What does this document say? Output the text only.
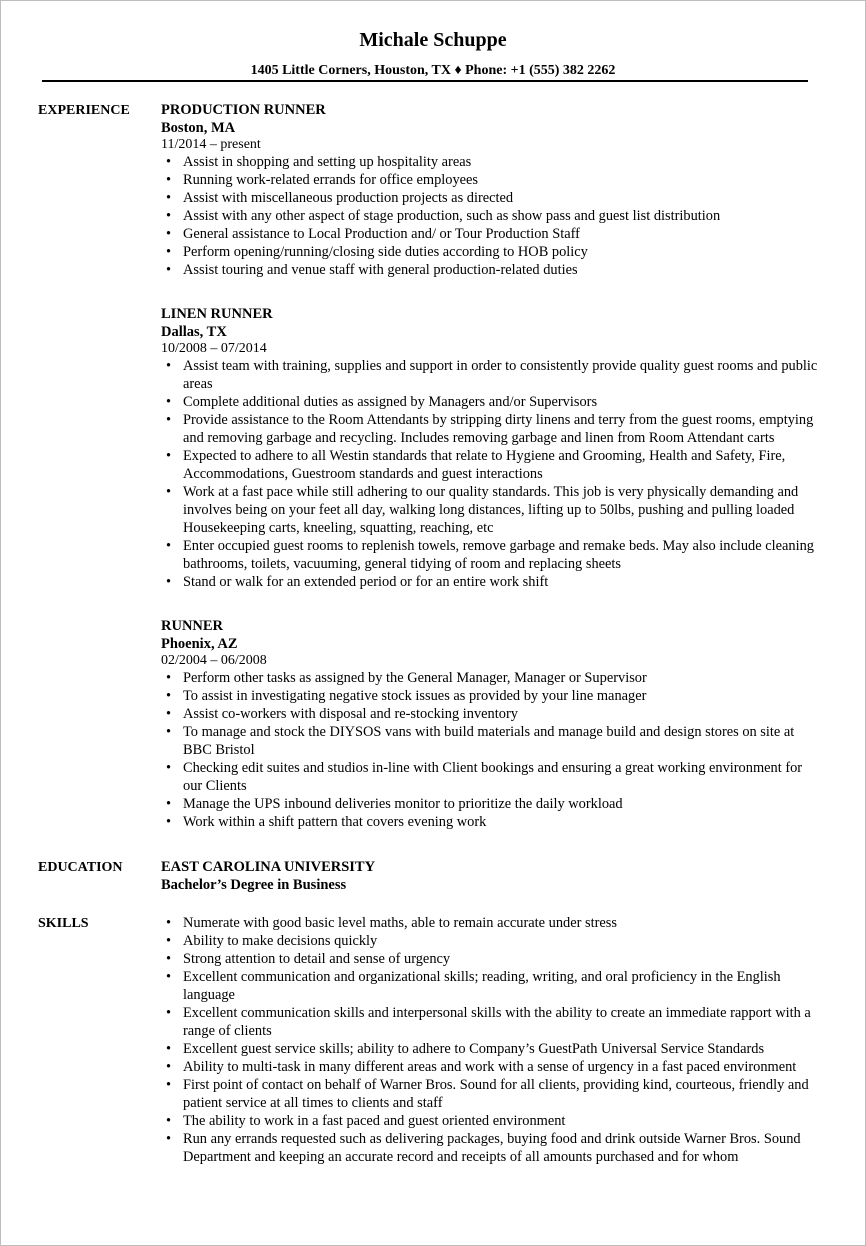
Michale Schuppe
1405 Little Corners, Houston, TX ♦ Phone: +1 (555) 382 2262
EXPERIENCE PRODUCTION RUNNER
Boston, MA
11/2014 – present
• Assist in shopping and setting up hospitality areas
• Running work-related errands for office employees
• Assist with miscellaneous production projects as directed
• Assist with any other aspect of stage production, such as show pass and guest list distribution
• General assistance to Local Production and/ or Tour Production Staff
• Perform opening/running/closing side duties according to HOB policy
• Assist touring and venue staff with general production-related duties
LINEN RUNNER
Dallas, TX
10/2008 – 07/2014
• Assist team with training, supplies and support in order to consistently provide quality guest rooms and public areas
• Complete additional duties as assigned by Managers and/or Supervisors
• Provide assistance to the Room Attendants by stripping dirty linens and terry from the guest rooms, emptying and removing garbage and recycling. Includes removing garbage and linen from Room Attendant carts
• Expected to adhere to all Westin standards that relate to Hygiene and Grooming, Health and Safety, Fire, Accommodations, Guestroom standards and guest interactions
• Work at a fast pace while still adhering to our quality standards. This job is very physically demanding and involves being on your feet all day, walking long distances, lifting up to 50lbs, pushing and pulling loaded Housekeeping carts, kneeling, squatting, reaching, etc
• Enter occupied guest rooms to replenish towels, remove garbage and remake beds. May also include cleaning bathrooms, toilets, vacuuming, general tidying of room and replacing sheets
• Stand or walk for an extended period or for an entire work shift
RUNNER
Phoenix, AZ
02/2004 – 06/2008
• Perform other tasks as assigned by the General Manager, Manager or Supervisor
• To assist in investigating negative stock issues as provided by your line manager
• Assist co-workers with disposal and re-stocking inventory
• To manage and stock the DIYSOS vans with build materials and manage build and design stores on site at BBC Bristol
• Checking edit suites and studios in-line with Client bookings and ensuring a great working environment for our Clients
• Manage the UPS inbound deliveries monitor to prioritize the daily workload
• Work within a shift pattern that covers evening work
EDUCATION	EAST CAROLINA UNIVERSITY
Bachelor’s Degree in Business
SKILLS
•	Numerate with good basic level maths, able to remain accurate under stress
• Ability to make decisions quickly
• Strong attention to detail and sense of urgency
• Excellent communication and organizational skills; reading, writing, and oral proficiency in the English language
• Excellent communication skills and interpersonal skills with the ability to create an immediate rapport with a range of clients
• Excellent guest service skills; ability to adhere to Company’s GuestPath Universal Service Standards
• Ability to multi-task in many different areas and work with a sense of urgency in a fast paced environment
• First point of contact on behalf of Warner Bros. Sound for all clients, providing kind, courteous, friendly and patient service at all times to clients and staff
• The ability to work in a fast paced and guest oriented environment
• Run any errands requested such as delivering packages, buying food and drink outside Warner Bros. Sound Department and keeping an accurate record and receipts of all amounts purchased and for whom
